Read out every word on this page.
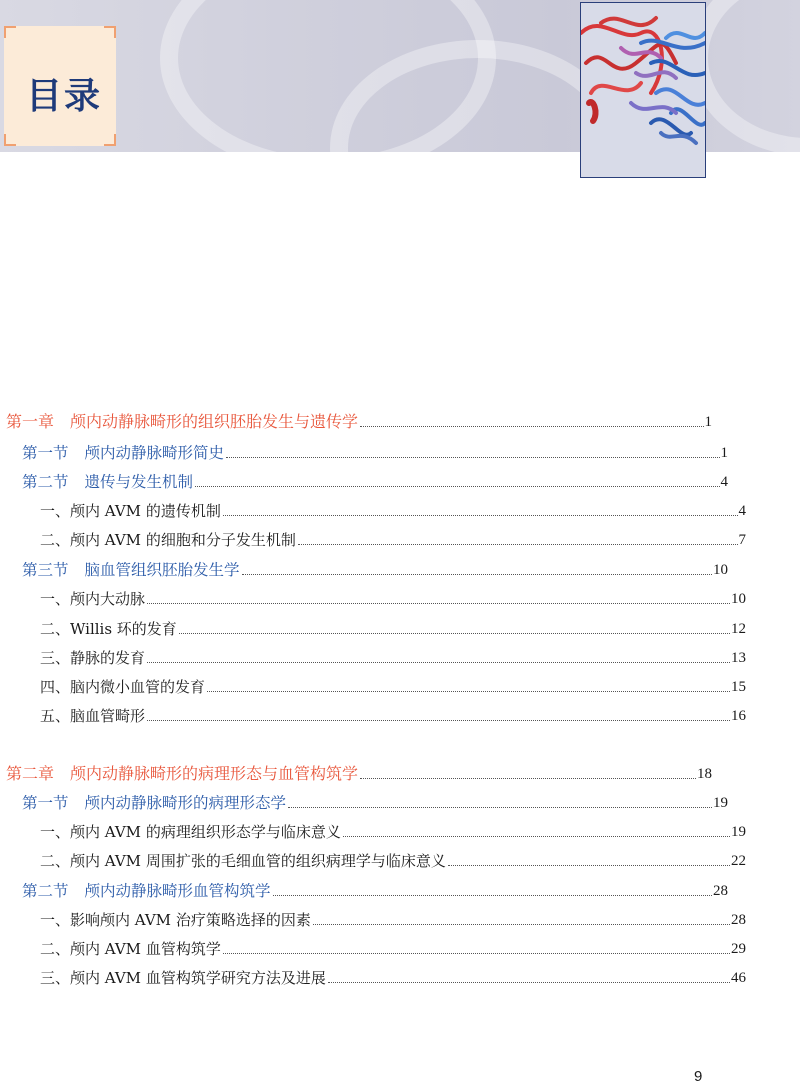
目录
第一章 颅内动静脉畸形的组织胚胎发生与遗传学	1
第一节 颅内动静脉畸形简史	1
第二节 遗传与发生机制	4
一、颅内 AVM 的遗传机制	4
二、颅内 AVM 的细胞和分子发生机制	7
第三节 脑血管组织胚胎发生学	10
一、颅内大动脉	10
二、Willis 环的发育	12
三、静脉的发育	13
四、脑内微小血管的发育	15
五、脑血管畸形	16
第二章 颅内动静脉畸形的病理形态与血管构筑学	18
第一节 颅内动静脉畸形的病理形态学	19
一、颅内 AVM 的病理组织形态学与临床意义	19
二、颅内 AVM 周围扩张的毛细血管的组织病理学与临床意义	22
第二节 颅内动静脉畸形血管构筑学	28
一、影响颅内 AVM 治疗策略选择的因素	28
二、颅内 AVM 血管构筑学	29
三、颅内 AVM 血管构筑学研究方法及进展	46
9
